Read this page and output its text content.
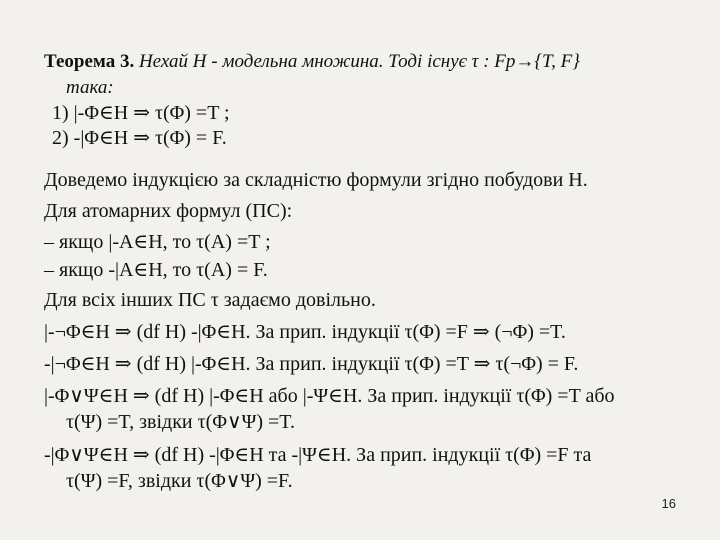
Теорема 3. Нехай H - модельна множина. Тоді існує τ : Fp→{T, F}
така:
1) |-Φ∈H ⇒ τ(Φ) =T ;
2) -|Φ∈H ⇒ τ(Φ) = F.
Доведемо індукцією за складністю формули згідно побудови H.
Для атомарних формул (ПС):
– якщо |-A∈H, то τ(A) =T ;
– якщо -|A∈H, то τ(A) = F.
Для всіх інших ПС τ задаємо довільно.
|-¬Φ∈H ⇒ (df H) -|Φ∈H. За прип. індукції τ(Φ) =F ⇒ (¬Φ) =T.
-|¬Φ∈H ⇒ (df H) |-Φ∈H. За прип. індукції τ(Φ) =T ⇒ τ(¬Φ) = F.
|-Φ∨Ψ∈H ⇒ (df H) |-Φ∈H або |-Ψ∈H. За прип. індукції τ(Φ) =T або
τ(Ψ) =T, звідки τ(Φ∨Ψ) =T.
-|Φ∨Ψ∈H ⇒ (df H) -|Φ∈H та -|Ψ∈H. За прип. індукції τ(Φ) =F та
τ(Ψ) =F, звідки τ(Φ∨Ψ) =F.
16
